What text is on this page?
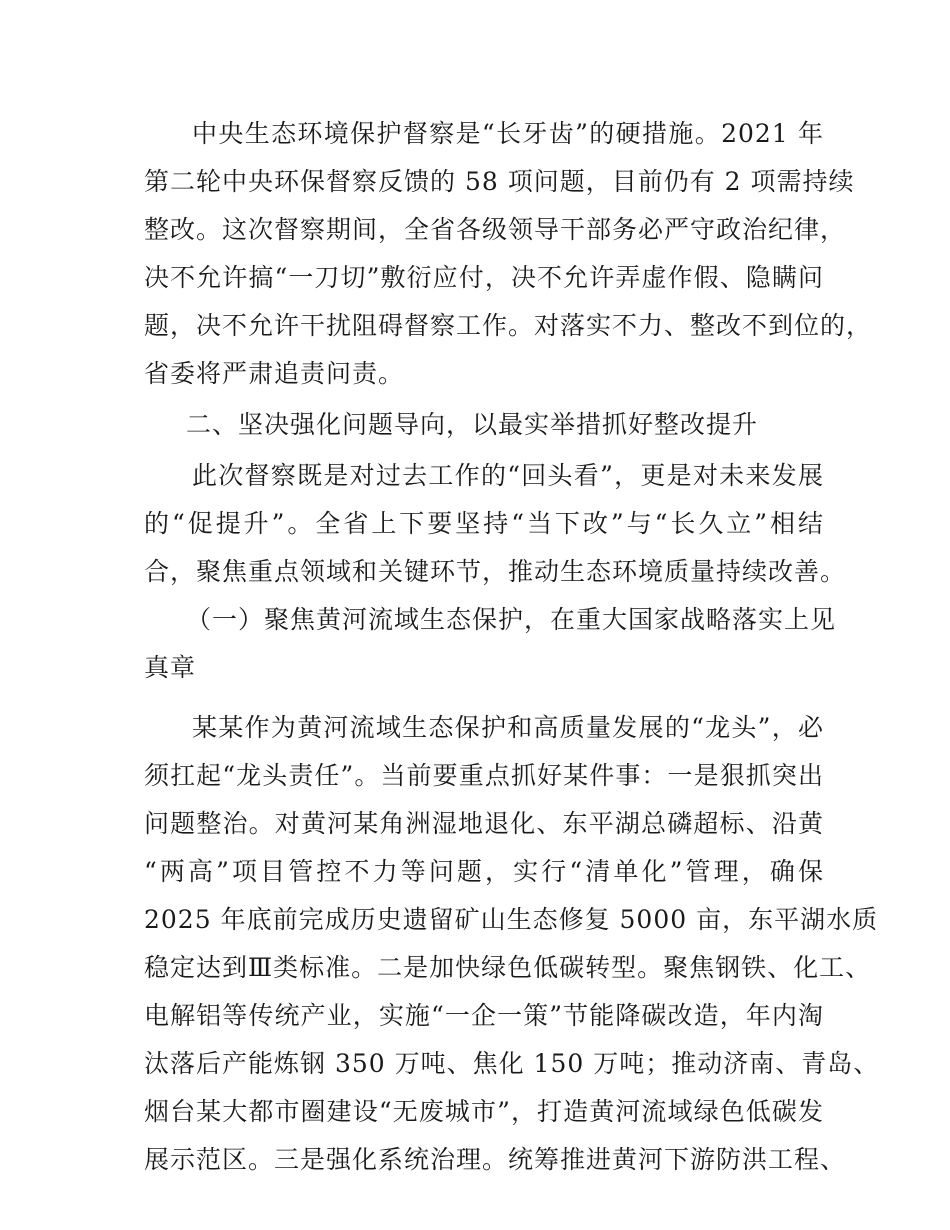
中央生态环境保护督察是“长牙齿”的硬措施。2021 年
第二轮中央环保督察反馈的 58 项问题，目前仍有 2 项需持续
整改。这次督察期间，全省各级领导干部务必严守政治纪律，
决不允许搞“一刀切”敷衍应付，决不允许弄虚作假、隐瞒问
题，决不允许干扰阻碍督察工作。对落实不力、整改不到位的，
省委将严肃追责问责。
二、坚决强化问题导向，以最实举措抓好整改提升
此次督察既是对过去工作的“回头看”，更是对未来发展
的“促提升”。全省上下要坚持“当下改”与“长久立”相结
合，聚焦重点领域和关键环节，推动生态环境质量持续改善。
（一）聚焦黄河流域生态保护，在重大国家战略落实上见
真章
某某作为黄河流域生态保护和高质量发展的“龙头”，必
须扛起“龙头责任”。当前要重点抓好某件事：一是狠抓突出
问题整治。对黄河某角洲湿地退化、东平湖总磷超标、沿黄
“两高”项目管控不力等问题，实行“清单化”管理，确保
2025 年底前完成历史遗留矿山生态修复 5000 亩，东平湖水质
稳定达到Ⅲ类标准。二是加快绿色低碳转型。聚焦钢铁、化工、
电解铝等传统产业，实施“一企一策”节能降碳改造，年内淘
汰落后产能炼钢 350 万吨、焦化 150 万吨；推动济南、青岛、
烟台某大都市圈建设“无废城市”，打造黄河流域绿色低碳发
展示范区。三是强化系统治理。统筹推进黄河下游防洪工程、
